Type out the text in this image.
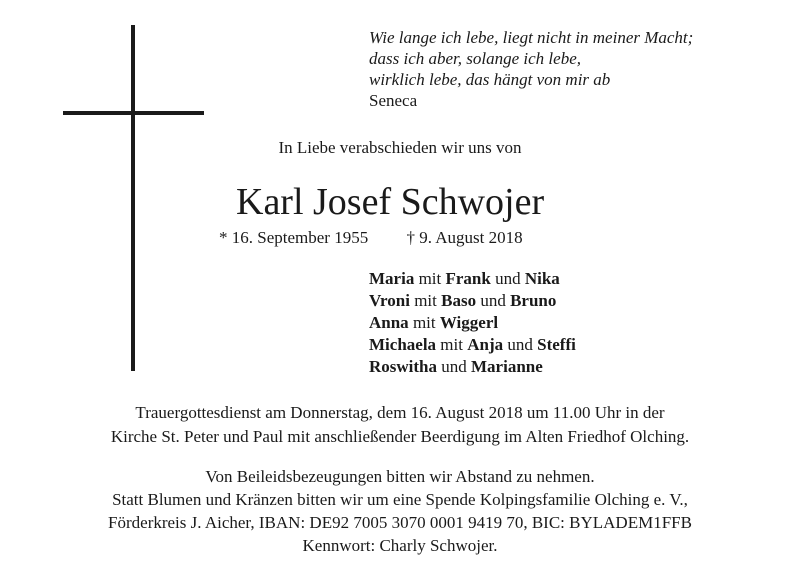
Wie lange ich lebe, liegt nicht in meiner Macht;
dass ich aber, solange ich lebe,
wirklich lebe, das hängt von mir ab
Seneca
In Liebe verabschieden wir uns von
Karl Josef Schwojer
* 16. September 1955 † 9. August 2018
Maria mit Frank und Nika
Vroni mit Baso und Bruno
Anna mit Wiggerl
Michaela mit Anja und Steffi
Roswitha und Marianne
Trauergottesdienst am Donnerstag, dem 16. August 2018 um 11.00 Uhr in der
Kirche St. Peter und Paul mit anschließender Beerdigung im Alten Friedhof Olching.
Von Beileidsbezeugungen bitten wir Abstand zu nehmen.
Statt Blumen und Kränzen bitten wir um eine Spende Kolpingsfamilie Olching e. V.,
Förderkreis J. Aicher, IBAN: DE92 7005 3070 0001 9419 70, BIC: BYLADEM1FFB
Kennwort: Charly Schwojer.
